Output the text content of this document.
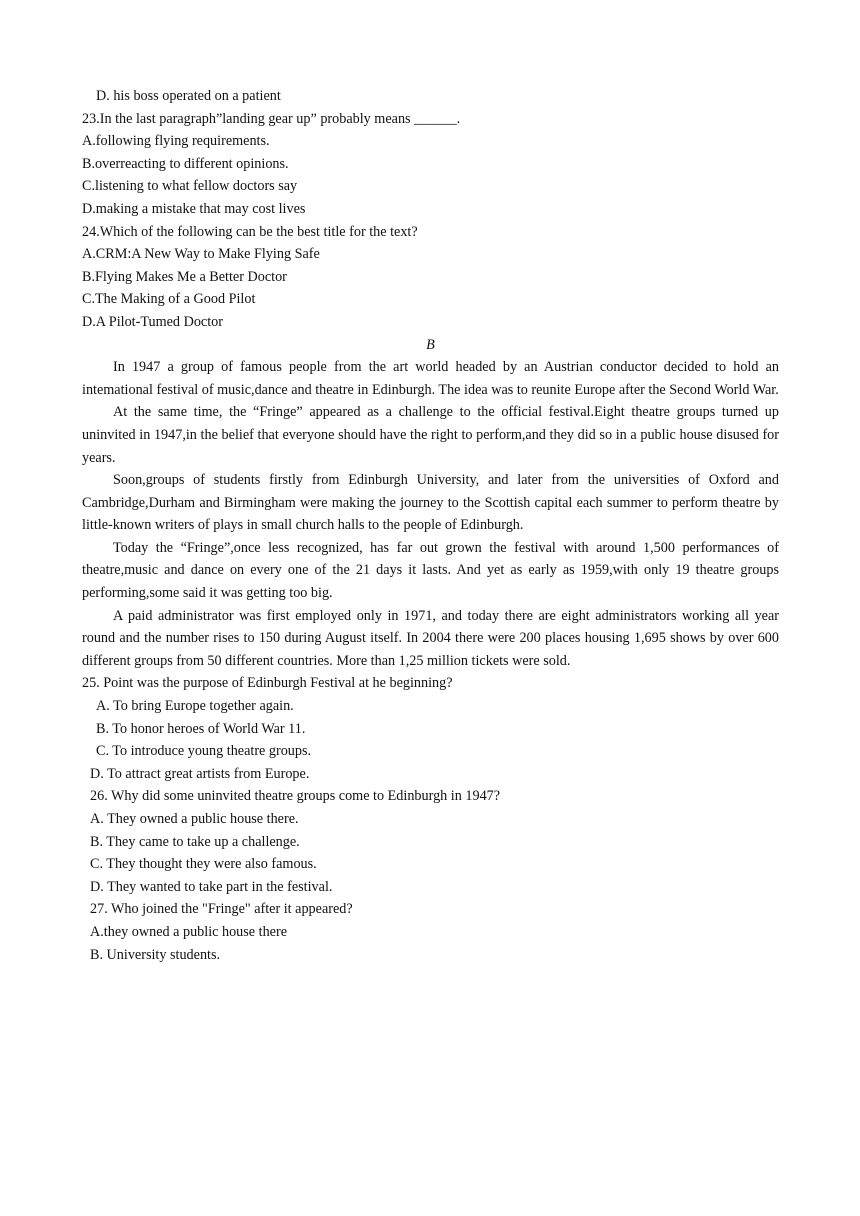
D. his boss operated on a patient
23.In the last paragraph”landing gear up” probably means ______.
A.following flying requirements.
B.overreacting to different opinions.
C.listening to what fellow doctors say
D.making a mistake that may cost lives
24.Which of the following can be the best title for the text?
A.CRM:A New Way to Make Flying Safe
B.Flying Makes Me a Better Doctor
C.The Making of a Good Pilot
D.A Pilot-Tumed Doctor
B

In 1947 a group of famous people from the art world headed by an Austrian conductor decided to hold an intemational festival of music,dance and theatre in Edinburgh. The idea was to reunite Europe after the Second World War.

At the same time, the “Fringe” appeared as a challenge to the official festival.Eight theatre groups turned up uninvited in 1947,in the belief that everyone should have the right to perform,and they did so in a public house disused for years.

Soon,groups of students firstly from Edinburgh University, and later from the universities of Oxford and Cambridge,Durham and Birmingham were making the journey to the Scottish capital each summer to perform theatre by little-known writers of plays in small church halls to the people of Edinburgh.

Today the “Fringe”,once less recognized, has far out grown the festival with around 1,500 performances of theatre,music and dance on every one of the 21 days it lasts. And yet as early as 1959,with only 19 theatre groups performing,some said it was getting too big.

A paid administrator was first employed only in 1971, and today there are eight administrators working all year round and the number rises to 150 during August itself. In 2004 there were 200 places housing 1,695 shows by over 600 different groups from 50 different countries. More than 1,25 million tickets were sold.

25. Point was the purpose of Edinburgh Festival at he beginning?
A. To bring Europe together again.
B. To honor heroes of World War 11.
C. To introduce young theatre groups.
D. To attract great artists from Europe.
26. Why did some uninvited theatre groups come to Edinburgh in 1947?
A. They owned a public house there.
B. They came to take up a challenge.
C. They thought they were also famous.
D. They wanted to take part in the festival.
27. Who joined the "Fringe" after it appeared?
A.they owned a public house there
B. University students.
